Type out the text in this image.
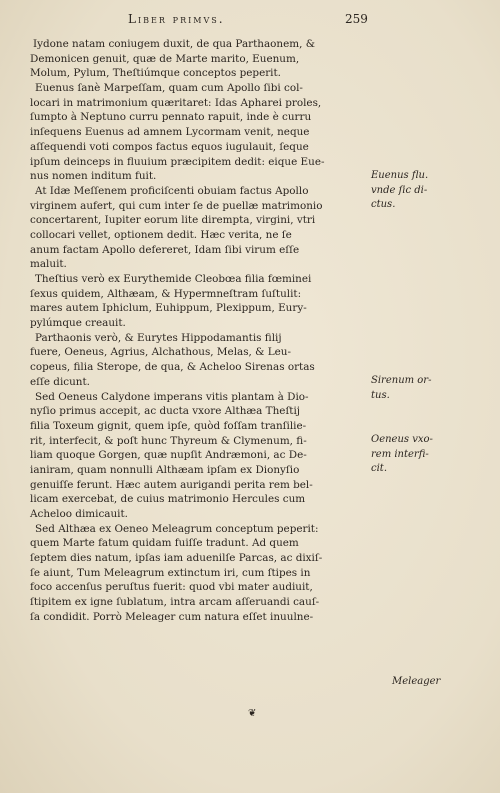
Liber primvs.	259
Iydone natam coniugem duxit, de qua Parthaonem, &
Demonicen genuit, quæ de Marte marito, Euenum,
Molum, Pylum, Theſtiúmque conceptos peperit.
Euenus ſanè Marpeſſam, quam cum Apollo ſibi col-
locari in matrimonium quæritaret: Idas Apharei proles,
ſumpto à Neptuno curru pennato rapuit, inde è curru
inſequens Euenus ad amnem Lycormam venit, neque
aſſequendi voti compos factus equos iugulauit, ſeque
ipſum deinceps in fluuium præcipitem dedit: eique Eue-
nus nomen inditum fuit.
At Idæ Meſſenem proficiſcenti obuiam factus Apollo
virginem aufert, qui cum inter ſe de puellæ matrimonio
concertarent, Iupiter eorum lite dirempta, virgini, vtri
collocari vellet, optionem dedit. Hæc verita, ne ſe
anum factam Apollo defereret, Idam ſibi virum eſſe
maluit.
Theſtius verò ex Eurythemide Cleobœa filia fœminei
ſexus quidem, Althæam, & Hypermneſtram ſuſtulit:
mares autem Iphiclum, Euhippum, Plexippum, Eury-
pylúmque creauit.
Parthaonis verò, & Eurytes Hippodamantis filij
fuere, Oeneus, Agrius, Alchathous, Melas, & Leu-
copeus, filia Sterope, de qua, & Acheloo Sirenas ortas
eſſe dicunt.
Sed Oeneus Calydone imperans vitis plantam à Dio-
nyſio primus accepit, ac ducta vxore Althæa Theſtij
filia Toxeum gignit, quem ipſe, quòd foſſam tranſilie-
rit, interfecit, & poſt hunc Thyreum & Clymenum, fi-
liam quoque Gorgen, quæ nupſit Andræmoni, ac De-
ianiram, quam nonnulli Althæam ipſam ex Dionyſio
genuiſſe ferunt. Hæc autem aurigandi perita rem bel-
licam exercebat, de cuius matrimonio Hercules cum
Acheloo dimicauit.
Sed Althæa ex Oeneo Meleagrum conceptum peperit:
quem Marte fatum quidam fuiſſe tradunt. Ad quem
ſeptem dies natum, ipſas iam aduenilſe Parcas, ac dixiſ-
ſe aiunt, Tum Meleagrum extinctum iri, cum ſtipes in
foco accenſus peruſtus fuerit: quod vbi mater audiuit,
ſtipitem ex igne ſublatum, intra arcam aſſeruandi cauſ-
ſa condidit. Porrò Meleager cum natura eſſet inuulne-
Euenus flu.
vnde ſic di-
ctus.
Sirenum or-
tus.
Oeneus vxo-
rem interfi-
cit.
Meleager
❦
